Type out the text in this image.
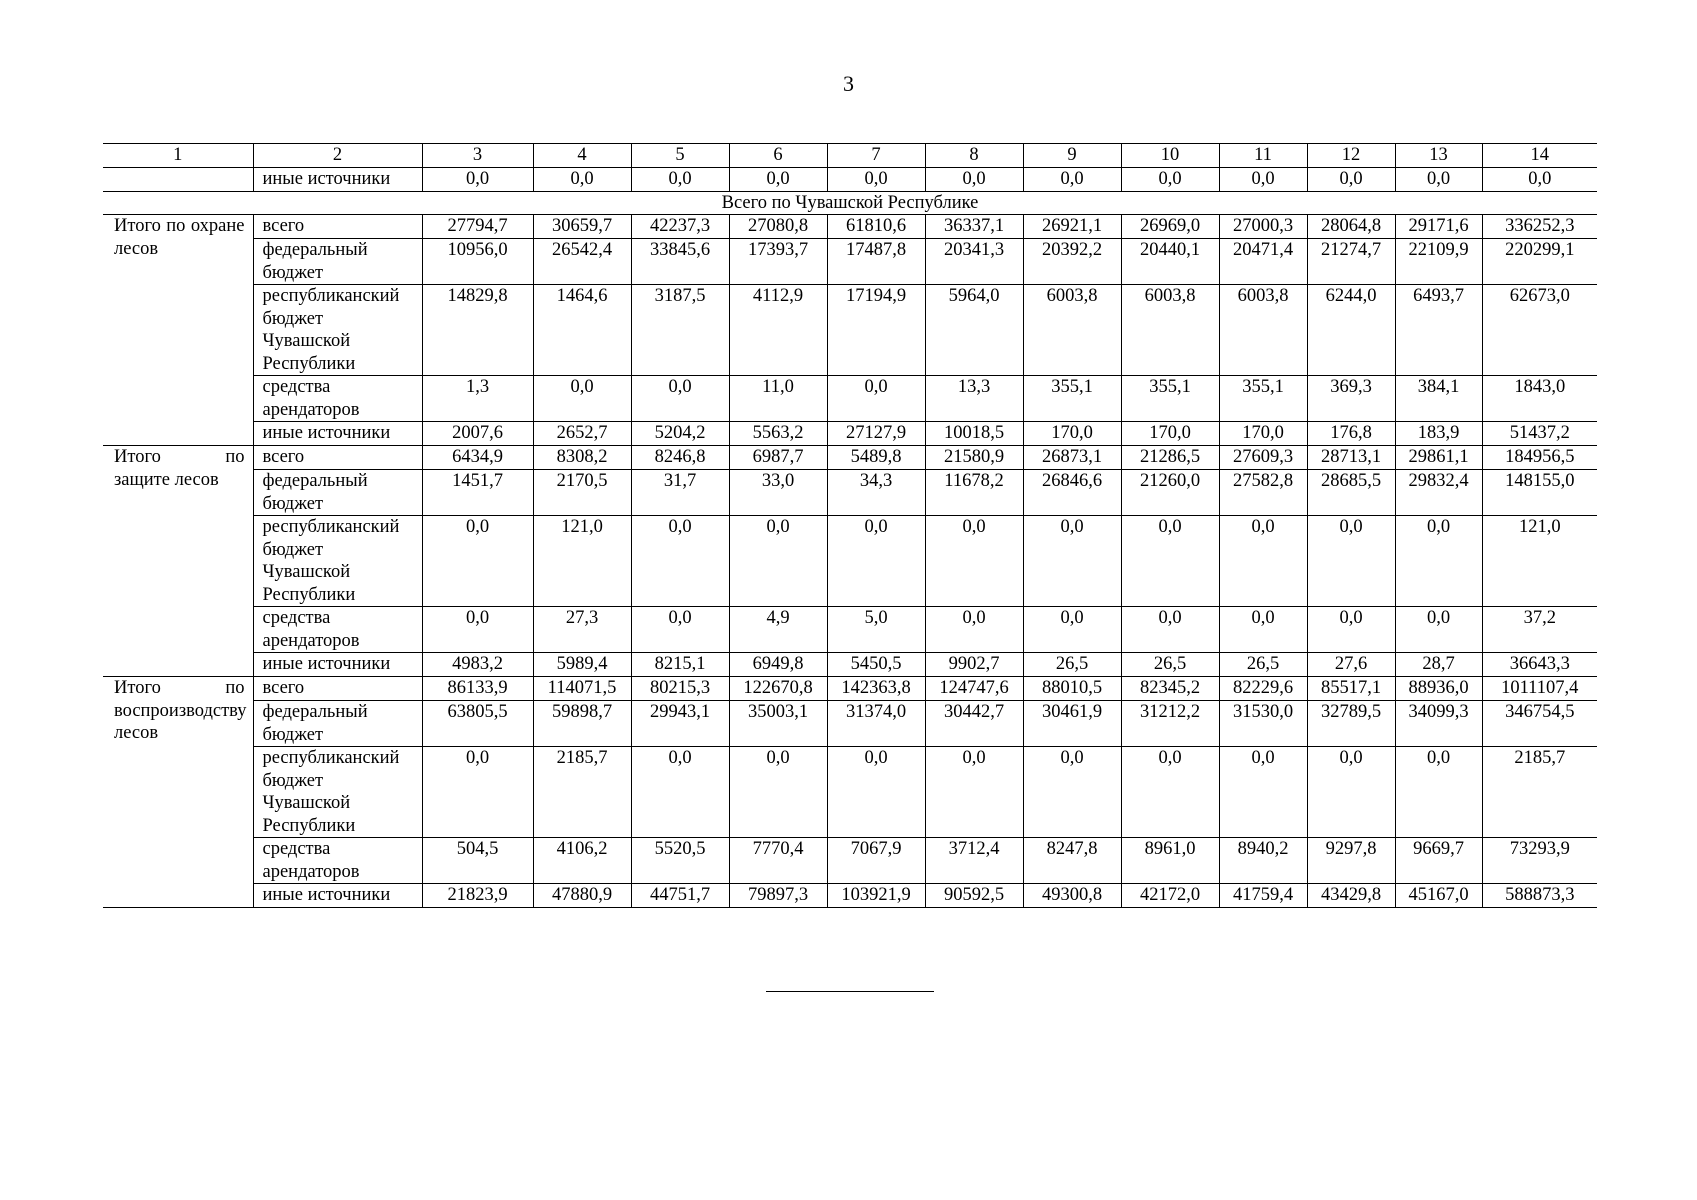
3
1	2	3	4	5	6	7	8	9	10	11	12	13	14
	иные источники	0,0	0,0	0,0	0,0	0,0	0,0	0,0	0,0	0,0	0,0	0,0	0,0
Всего по Чувашской Республике													
Итого по охране лесов	всего	27794,7	30659,7	42237,3	27080,8	61810,6	36337,1	26921,1	26969,0	27000,3	28064,8	29171,6	336252,3
	федеральный бюджет	10956,0	26542,4	33845,6	17393,7	17487,8	20341,3	20392,2	20440,1	20471,4	21274,7	22109,9	220299,1
	республиканский бюджет Чувашской Республики	14829,8	1464,6	3187,5	4112,9	17194,9	5964,0	6003,8	6003,8	6003,8	6244,0	6493,7	62673,0
	средства арендаторов	1,3	0,0	0,0	11,0	0,0	13,3	355,1	355,1	355,1	369,3	384,1	1843,0
	иные источники	2007,6	2652,7	5204,2	5563,2	27127,9	10018,5	170,0	170,0	170,0	176,8	183,9	51437,2
Итого по защите лесов	всего	6434,9	8308,2	8246,8	6987,7	5489,8	21580,9	26873,1	21286,5	27609,3	28713,1	29861,1	184956,5
	федеральный бюджет	1451,7	2170,5	31,7	33,0	34,3	11678,2	26846,6	21260,0	27582,8	28685,5	29832,4	148155,0
	республиканский бюджет Чувашской Республики	0,0	121,0	0,0	0,0	0,0	0,0	0,0	0,0	0,0	0,0	0,0	121,0
	средства арендаторов	0,0	27,3	0,0	4,9	5,0	0,0	0,0	0,0	0,0	0,0	0,0	37,2
	иные источники	4983,2	5989,4	8215,1	6949,8	5450,5	9902,7	26,5	26,5	26,5	27,6	28,7	36643,3
Итого по воспроизводству лесов	всего	86133,9	114071,5	80215,3	122670,8	142363,8	124747,6	88010,5	82345,2	82229,6	85517,1	88936,0	1011107,4
	федеральный бюджет	63805,5	59898,7	29943,1	35003,1	31374,0	30442,7	30461,9	31212,2	31530,0	32789,5	34099,3	346754,5
	республиканский бюджет Чувашской Республики	0,0	2185,7	0,0	0,0	0,0	0,0	0,0	0,0	0,0	0,0	0,0	2185,7
	средства арендаторов	504,5	4106,2	5520,5	7770,4	7067,9	3712,4	8247,8	8961,0	8940,2	9297,8	9669,7	73293,9
	иные источники	21823,9	47880,9	44751,7	79897,3	103921,9	90592,5	49300,8	42172,0	41759,4	43429,8	45167,0	588873,3
